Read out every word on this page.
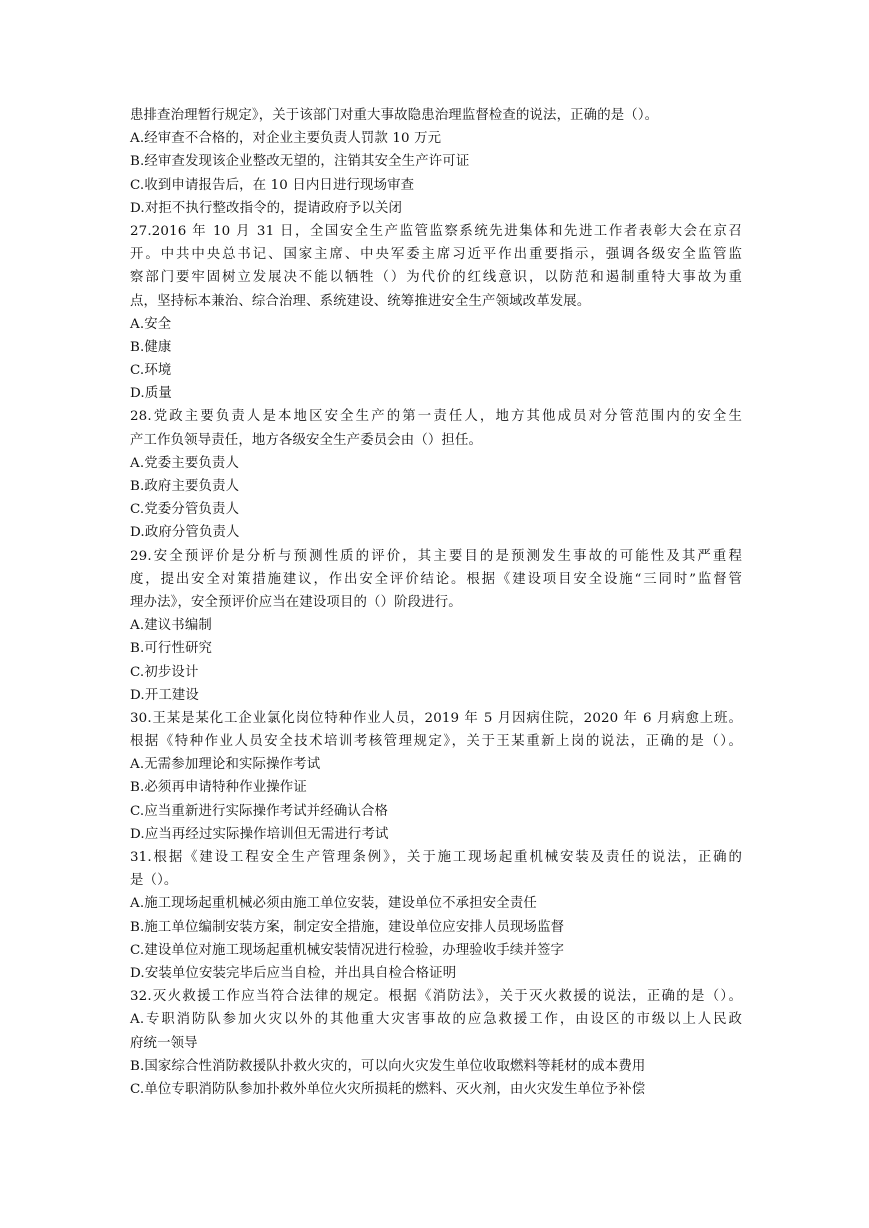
患排查治理暂行规定》，关于该部门对重大事故隐患治理监督检查的说法，正确的是（）。
A.经审查不合格的，对企业主要负责人罚款 10 万元
B.经审查发现该企业整改无望的，注销其安全生产许可证
C.收到申请报告后，在 10 日内日进行现场审查
D.对拒不执行整改指令的，提请政府予以关闭
27.2016 年 10 月 31 日，全国安全生产监管监察系统先进集体和先进工作者表彰大会在京召
开。中共中央总书记、国家主席、中央军委主席习近平作出重要指示，强调各级安全监管监
察部门要牢固树立发展决不能以牺牲（）为代价的红线意识，以防范和遏制重特大事故为重
点，坚持标本兼治、综合治理、系统建设、统筹推进安全生产领域改革发展。
A.安全
B.健康
C.环境
D.质量
28.党政主要负责人是本地区安全生产的第一责任人，地方其他成员对分管范围内的安全生
产工作负领导责任，地方各级安全生产委员会由（）担任。
A.党委主要负责人
B.政府主要负责人
C.党委分管负责人
D.政府分管负责人
29.安全预评价是分析与预测性质的评价，其主要目的是预测发生事故的可能性及其严重程
度，提出安全对策措施建议，作出安全评价结论。根据《建设项目安全设施“三同时”监督管
理办法》，安全预评价应当在建设项目的（）阶段进行。
A.建议书编制
B.可行性研究
C.初步设计
D.开工建设
30.王某是某化工企业氯化岗位特种作业人员，2019 年 5 月因病住院，2020 年 6 月病愈上班。
根据《特种作业人员安全技术培训考核管理规定》，关于王某重新上岗的说法，正确的是（）。
A.无需参加理论和实际操作考试
B.必须再申请特种作业操作证
C.应当重新进行实际操作考试并经确认合格
D.应当再经过实际操作培训但无需进行考试
31.根据《建设工程安全生产管理条例》，关于施工现场起重机械安装及责任的说法，正确的
是（）。
A.施工现场起重机械必须由施工单位安装，建设单位不承担安全责任
B.施工单位编制安装方案，制定安全措施，建设单位应安排人员现场监督
C.建设单位对施工现场起重机械安装情况进行检验，办理验收手续并签字
D.安装单位安装完毕后应当自检，并出具自检合格证明
32.灭火救援工作应当符合法律的规定。根据《消防法》，关于灭火救援的说法，正确的是（）。
A.专职消防队参加火灾以外的其他重大灾害事故的应急救援工作，由设区的市级以上人民政
府统一领导
B.国家综合性消防救援队扑救火灾的，可以向火灾发生单位收取燃料等耗材的成本费用
C.单位专职消防队参加扑救外单位火灾所损耗的燃料、灭火剂，由火灾发生单位予补偿
